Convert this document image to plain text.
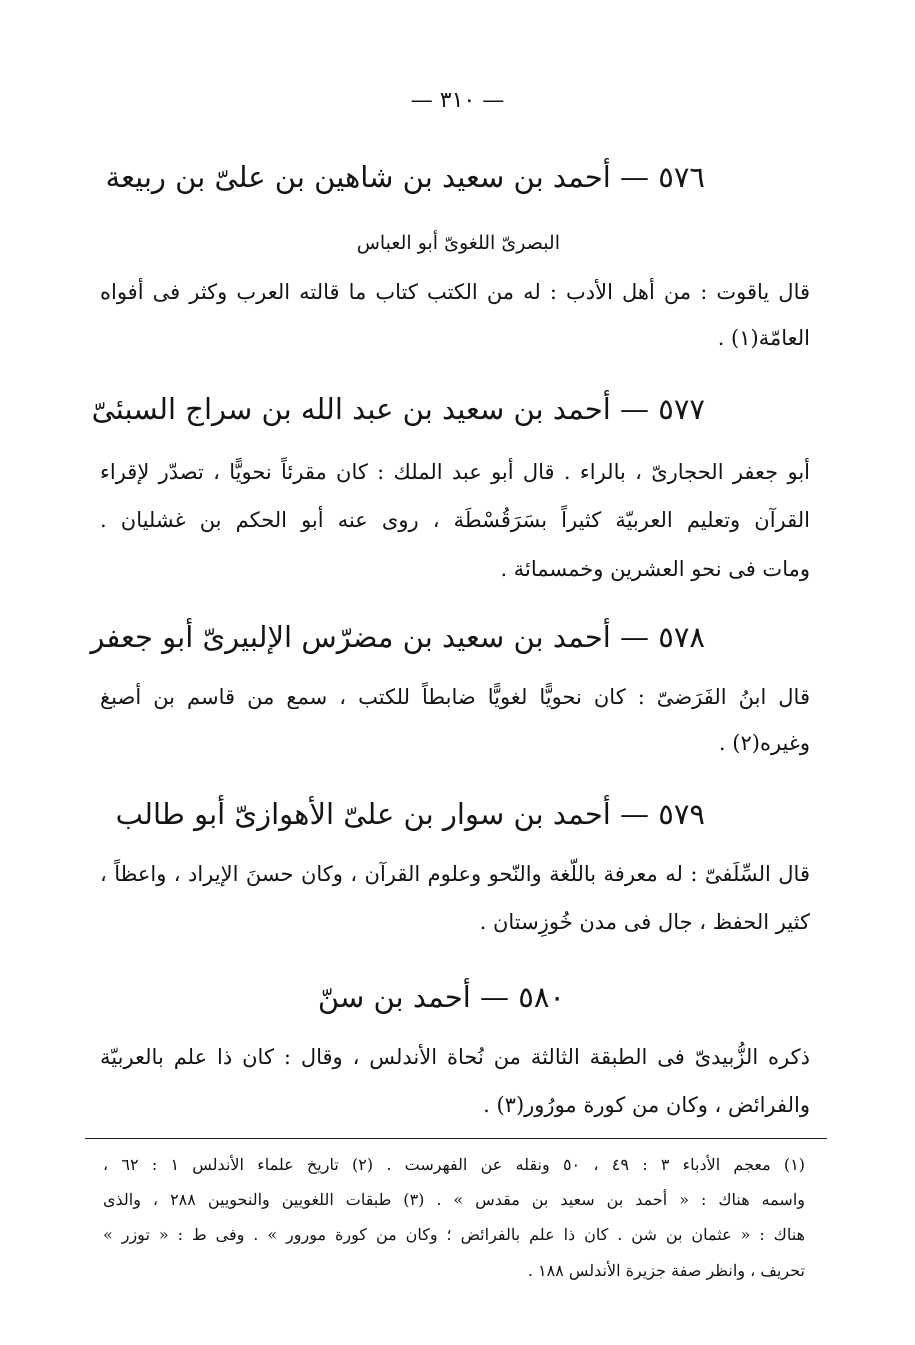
— ٣١٠ —
٥٧٦ — أحمد بن سعيد بن شاهين بن علىّ بن ربيعة
البصرىّ اللغوىّ أبو العباس
قال ياقوت : من أهل الأدب : له من الكتب كتاب ما قالته العرب وكثر فى أفواه
العامّة(١) .
٥٧٧ — أحمد بن سعيد بن عبد الله بن سراج السبئىّ
أبو جعفر الحجارىّ ، بالراء . قال أبو عبد الملك : كان مقرئاً نحويًّا ، تصدّر لإقراء
القرآن وتعليم العربيّة كثيراً بسَرَقُسْطَة ، روى عنه أبو الحكم بن غشليان .
ومات فى نحو العشرين وخمسمائة .
٥٧٨ — أحمد بن سعيد بن مضرّس الإلبيرىّ أبو جعفر
قال ابنُ الفَرَضىّ : كان نحويًّا لغويًّا ضابطاً للكتب ، سمع من قاسم بن أصبغ
وغيره(٢) .
٥٧٩ — أحمد بن سوار بن علىّ الأهوازىّ أبو طالب
قال السِّلَفىّ : له معرفة باللّغة والنّحو وعلوم القرآن ، وكان حسنَ الإيراد ، واعظاً ،
كثير الحفظ ، جال فى مدن خُوزِستان .
٥٨٠ — أحمد بن سنّ
ذكره الزُّبيدىّ فى الطبقة الثالثة من نُحاة الأندلس ، وقال : كان ذا علم بالعربيّة
والفرائض ، وكان من كورة مورُور(٣) .
(١) معجم الأدباء ٣ : ٤٩ ، ٥٠ ونقله عن الفهرست . (٢) تاريخ علماء الأندلس ١ : ٦٢ ،
واسمه هناك : « أحمد بن سعيد بن مقدس » . (٣) طبقات اللغويين والنحويين ٢٨٨ ، والذى
هناك : « عثمان بن شن . كان ذا علم بالفرائض ؛ وكان من كورة مورور » . وفى ط : « توزر »
تحريف ، وانظر صفة جزيرة الأندلس ١٨٨ .
